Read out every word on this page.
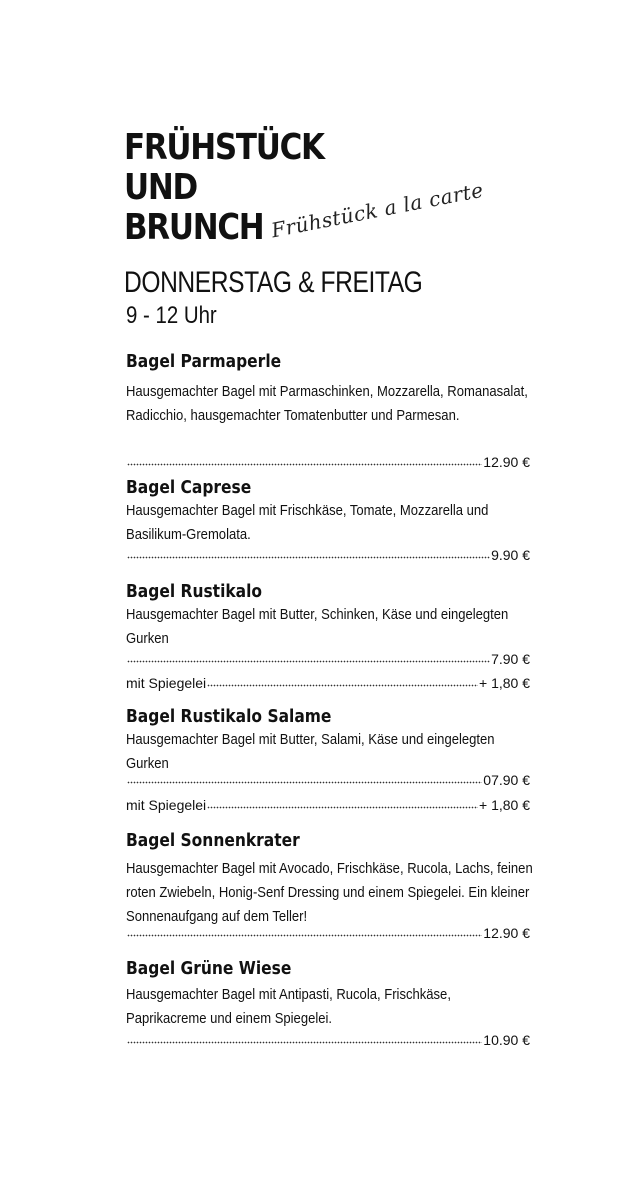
FRÜHSTÜCK
UND
BRUNCH Frühstück a la carte
DONNERSTAG & FREITAG
9 - 12 Uhr
Bagel Parmaperle

Hausgemachter Bagel mit Parmaschinken, Mozzarella, Romanasalat, Radicchio, hausgemachter Tomatenbutter und Parmesan.

12.90 €
Bagel Caprese

Hausgemachter Bagel mit Frischkäse, Tomate, Mozzarella und Basilikum-Gremolata.

9.90 €
Bagel Rustikalo

Hausgemachter Bagel mit Butter, Schinken, Käse und eingelegten Gurken

7.90 €
mit Spiegelei	+ 1,80 €
Bagel Rustikalo Salame

Hausgemachter Bagel mit Butter, Salami, Käse und eingelegten Gurken

07.90 €
mit Spiegelei	+ 1,80 €
Bagel Sonnenkrater

Hausgemachter Bagel mit Avocado, Frischkäse, Rucola, Lachs, feinen roten Zwiebeln, Honig-Senf Dressing und einem Spiegelei. Ein kleiner Sonnenaufgang auf dem Teller!

12.90 €
Bagel Grüne Wiese

Hausgemachter Bagel mit Antipasti, Rucola, Frischkäse, Paprikacreme und einem Spiegelei.

10.90 €
